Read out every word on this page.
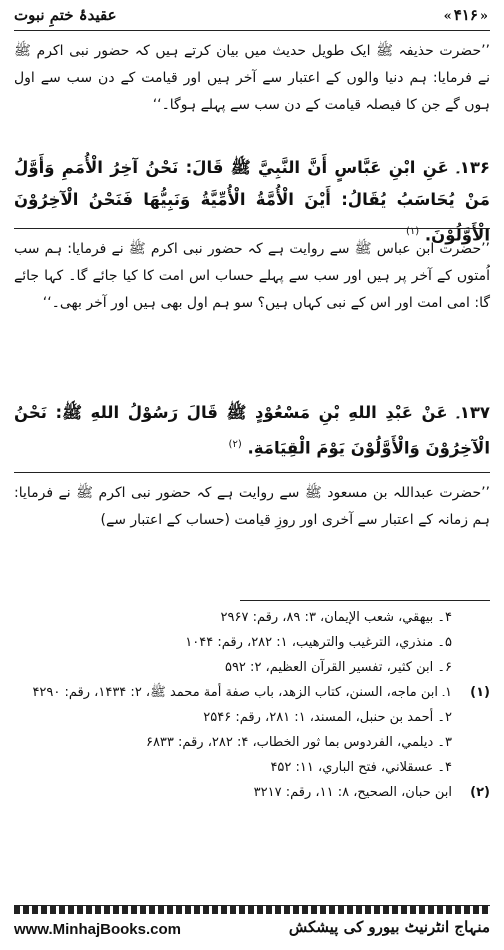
«۴۱۶»
عقیدۂ ختمِ نبوت
’’حضرت حذیفہ ﷺ ایک طویل حدیث میں بیان کرتے ہیں کہ حضور نبی اکرم ﷺ نے فرمایا: ہم دنیا والوں کے اعتبار سے آخر ہیں اور قیامت کے دن سب سے اول ہوں گے جن کا فیصلہ قیامت کے دن سب سے پہلے ہوگا۔‘‘
۱۳۶۔ عَنِ ابْنِ عَبَّاسٍ أَنَّ النَّبِيَّ ﷺ قَالَ: نَحْنُ آخِرُ الْأُمَمِ وَأَوَّلُ مَنْ يُحَاسَبُ يُقَالُ: أَيْنَ الْأُمَّةُ الْأُمِّيَّةُ وَنَبِيُّهَا فَنَحْنُ الْآخِرُوْنَ الْأَوَّلُوْنَ. $^{(۱)}$
’’حضرت ابن عباس ﷺ سے روایت ہے کہ حضور نبی اکرم ﷺ نے فرمایا: ہم سب اُمتوں کے آخر پر ہیں اور سب سے پہلے حساب اس امت کا کیا جائے گا۔ کہا جائے گا: امی امت اور اس کے نبی کہاں ہیں؟ سو ہم اول بھی ہیں اور آخر بھی۔‘‘
۱۳۷۔ عَنْ عَبْدِ اللهِ بْنِ مَسْعُوْدٍ ﷺ قَالَ رَسُوْلُ اللهِ ﷺ: نَحْنُ الْآخِرُوْنَ وَالْأَوَّلُوْنَ يَوْمَ الْقِيَامَةِ. $^{(۲)}$
’’حضرت عبداللہ بن مسعود ﷺ سے روایت ہے کہ حضور نبی اکرم ﷺ نے فرمایا: ہم زمانہ کے اعتبار سے آخری اور روزِ قیامت (حساب کے اعتبار سے)
۴۔ بيهقي، شعب الإيمان، ۳: ۸۹، رقم: ۲۹۶۷
۵۔ منذري، الترغيب والترهيب، ۱: ۲۸۲، رقم: ۱۰۴۴
۶۔ ابن كثير، تفسير القرآن العظيم، ۲: ۵۹۲
(۱)
۱۔ ابن ماجه، السنن، كتاب الزهد، باب صفة أمة محمد ﷺ، ۲: ۱۴۳۴، رقم: ۴۲۹۰
۲۔ أحمد بن حنبل، المسند، ۱: ۲۸۱، رقم: ۲۵۴۶
۳۔ ديلمي، الفردوس بما ثور الخطاب، ۴: ۲۸۲، رقم: ۶۸۳۳
۴۔ عسقلاني، فتح الباري، ۱۱: ۴۵۲
(۲)
ابن حبان، الصحيح، ۸: ۱۱، رقم: ۳۲۱۷
www.MinhajBooks.com	منہاج انٹرنیٹ بیورو کی پیشکش
